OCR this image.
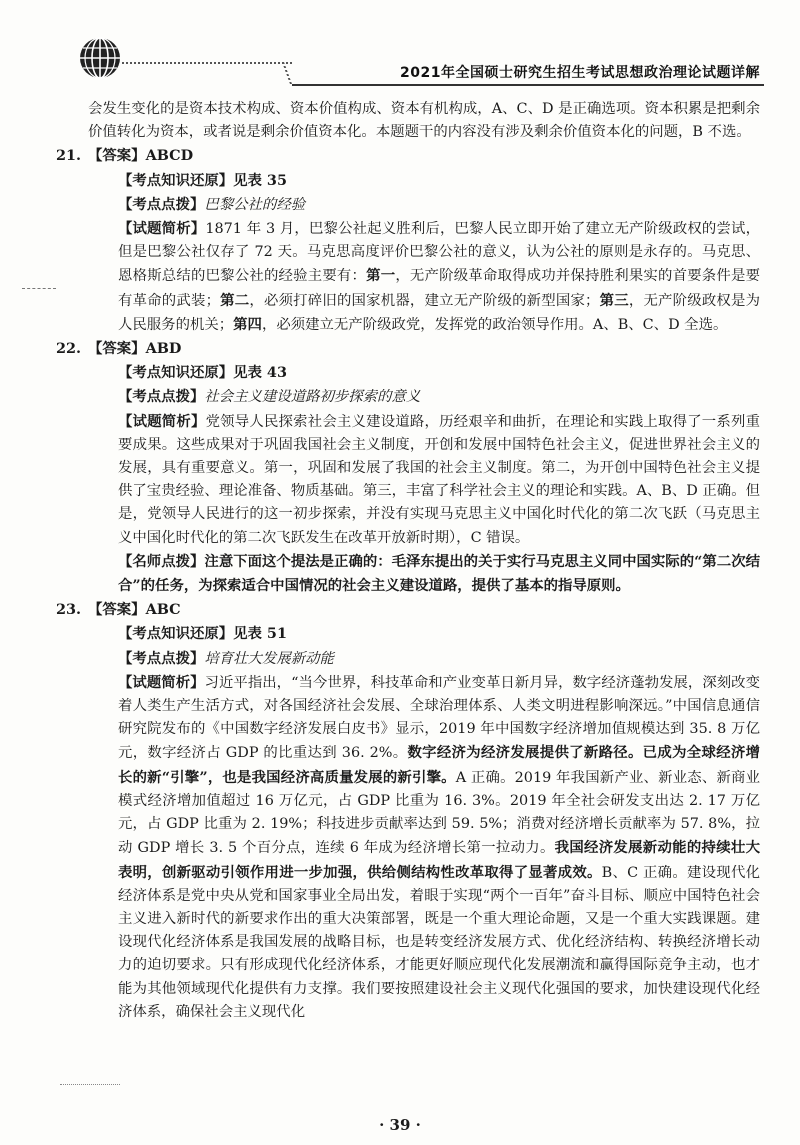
2021年全国硕士研究生招生考试思想政治理论试题详解

会发生变化的是资本技术构成、资本价值构成、资本有机构成，A、C、D 是正确选项。资本积累是把剩余价值转化为资本，或者说是剩余价值资本化。本题题干的内容没有涉及剩余价值资本化的问题，B 不选。

21. 【答案】ABCD

【考点知识还原】见表 35

【考点点拨】巴黎公社的经验

【试题简析】1871 年 3 月，巴黎公社起义胜利后，巴黎人民立即开始了建立无产阶级政权的尝试，但是巴黎公社仅存了 72 天。马克思高度评价巴黎公社的意义，认为公社的原则是永存的。马克思、恩格斯总结的巴黎公社的经验主要有：第一，无产阶级革命取得成功并保持胜利果实的首要条件是要有革命的武装；第二，必须打碎旧的国家机器，建立无产阶级的新型国家；第三，无产阶级政权是为人民服务的机关；第四，必须建立无产阶级政党，发挥党的政治领导作用。A、B、C、D 全选。

22. 【答案】ABD

【考点知识还原】见表 43

【考点点拨】社会主义建设道路初步探索的意义

【试题简析】党领导人民探索社会主义建设道路，历经艰辛和曲折，在理论和实践上取得了一系列重要成果。这些成果对于巩固我国社会主义制度，开创和发展中国特色社会主义，促进世界社会主义的发展，具有重要意义。第一，巩固和发展了我国的社会主义制度。第二，为开创中国特色社会主义提供了宝贵经验、理论准备、物质基础。第三，丰富了科学社会主义的理论和实践。A、B、D 正确。但是，党领导人民进行的这一初步探索，并没有实现马克思主义中国化时代化的第二次飞跃（马克思主义中国化时代化的第二次飞跃发生在改革开放新时期），C 错误。

【名师点拨】注意下面这个提法是正确的：毛泽东提出的关于实行马克思主义同中国实际的“第二次结合”的任务，为探索适合中国情况的社会主义建设道路，提供了基本的指导原则。

23. 【答案】ABC

【考点知识还原】见表 51

【考点点拨】培育壮大发展新动能

【试题简析】习近平指出，“当今世界，科技革命和产业变革日新月异，数字经济蓬勃发展，深刻改变着人类生产生活方式，对各国经济社会发展、全球治理体系、人类文明进程影响深远。”中国信息通信研究院发布的《中国数字经济发展白皮书》显示，2019 年中国数字经济增加值规模达到 35. 8 万亿元，数字经济占 GDP 的比重达到 36. 2%。数字经济为经济发展提供了新路径。已成为全球经济增长的新“引擎”，也是我国经济高质量发展的新引擎。A 正确。2019 年我国新产业、新业态、新商业模式经济增加值超过 16 万亿元，占 GDP 比重为 16. 3%。2019 年全社会研发支出达 2. 17 万亿元，占 GDP 比重为 2. 19%；科技进步贡献率达到 59. 5%；消费对经济增长贡献率为 57. 8%，拉动 GDP 增长 3. 5 个百分点，连续 6 年成为经济增长第一拉动力。我国经济发展新动能的持续壮大表明，创新驱动引领作用进一步加强，供给侧结构性改革取得了显著成效。B、C 正确。建设现代化经济体系是党中央从党和国家事业全局出发，着眼于实现“两个一百年”奋斗目标、顺应中国特色社会主义进入新时代的新要求作出的重大决策部署，既是一个重大理论命题，又是一个重大实践课题。建设现代化经济体系是我国发展的战略目标，也是转变经济发展方式、优化经济结构、转换经济增长动力的迫切要求。只有形成现代化经济体系，才能更好顺应现代化发展潮流和赢得国际竞争主动，也才能为其他领域现代化提供有力支撑。我们要按照建设社会主义现代化强国的要求，加快建设现代化经济体系，确保社会主义现代化

· 39 ·
